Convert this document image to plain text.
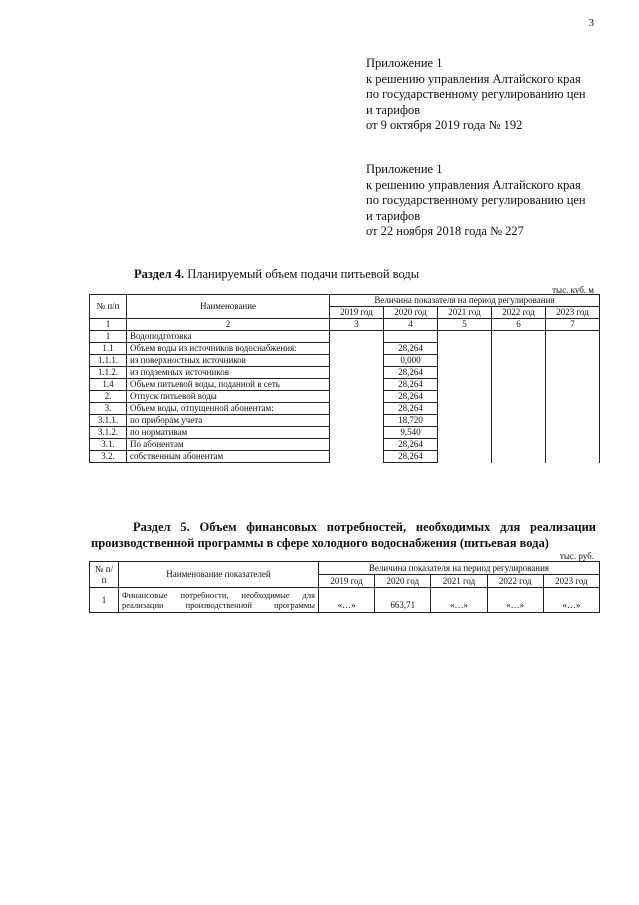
3
Приложение 1
к решению управления Алтайского края
по государственному регулированию цен
и тарифов
от 9 октября 2019 года № 192
Приложение 1
к решению управления Алтайского края
по государственному регулированию цен
и тарифов
от 22 ноября 2018 года № 227
Раздел 4. Планируемый объем подачи питьевой воды
тыс. куб. м
№ п/п	Наименование	Величина показателя на период регулирования				
		2019 год	2020 год	2021 год	2022 год	2023 год
1	2	3	4	5	6	7
1	Водоподготовка					
1.1	Объем воды из источников водоснабжения:		28,264			
1.1.1.	из поверхностных источников		0,000			
1.1.2.	из подземных источников		28,264			
1.4	Объем питьевой воды, поданной в сеть		28,264			
2.	Отпуск питьевой воды		28,264			
3.	Объем воды, отпущенной абонентам:		28,264			
3.1.1.	по приборам учета		18,720			
3.1.2.	по нормативам		9,540			
3.1.	По абонентам		28,264			
3.2.	собственным абонентам		28,264			
Раздел 5. Объем финансовых потребностей, необходимых для реализации производственной программы в сфере холодного водоснабжения (питьевая вода)
тыс. руб.
№ п/п	Наименование показателей	Величина показателя на период регулирования				
		2019 год	2020 год	2021 год	2022 год	2023 год
1	Финансовые потребности, необходимые для реализации производственной программы	«…»	663,71	«…»	«…»	«…»
